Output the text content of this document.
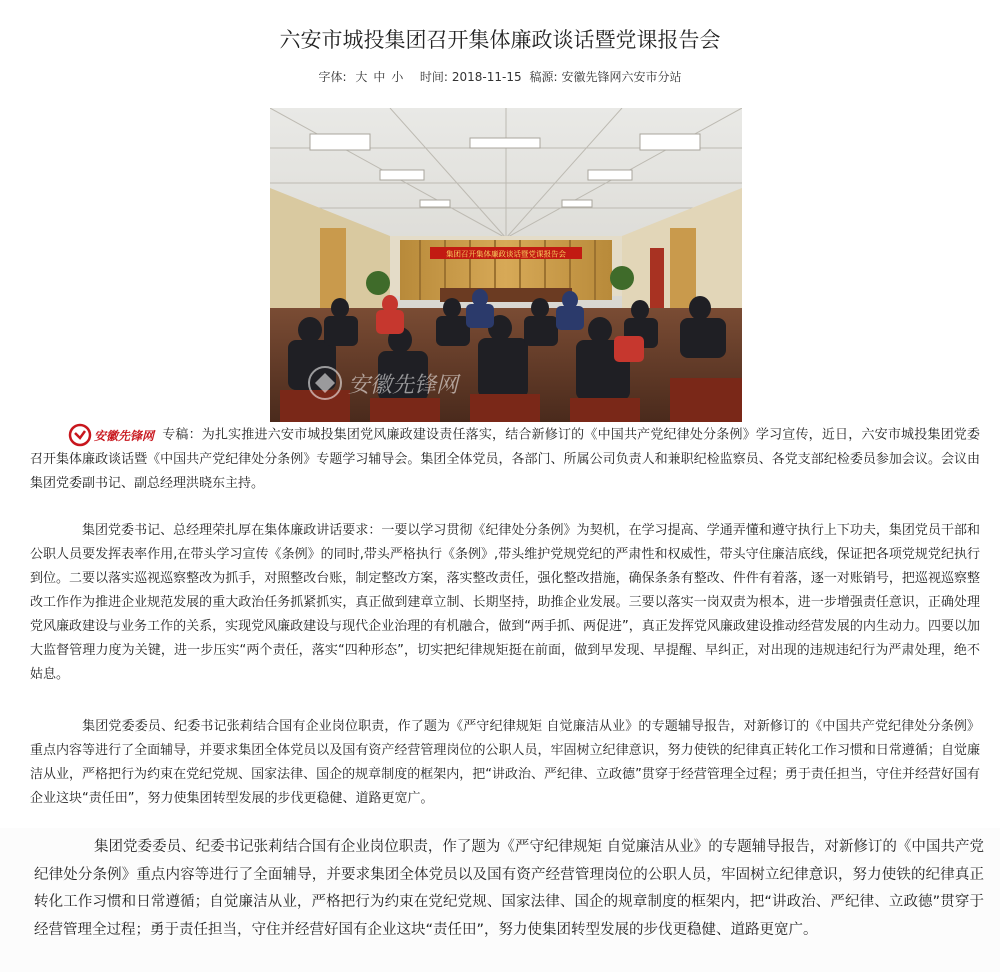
六安市城投集团召开集体廉政谈话暨党课报告会
字体: 大 中 小 时间: 2018-11-15 稿源: 安徽先锋网六安市分站
集团召开集体廉政谈话暨党课报告会
安徽先锋网
安徽先锋网 专稿：为扎实推进六安市城投集团党风廉政建设责任落实，结合新修订的《中国共产党纪律处分条例》学习宣传，近日，六安市城投集团党委召开集体廉政谈话暨《中国共产党纪律处分条例》专题学习辅导会。集团全体党员，各部门、所属公司负责人和兼职纪检监察员、各党支部纪检委员参加会议。会议由集团党委副书记、副总经理洪晓东主持。
集团党委书记、总经理荣扎厚在集体廉政讲话要求：一要以学习贯彻《纪律处分条例》为契机，在学习提高、学通弄懂和遵守执行上下功夫，集团党员干部和公职人员要发挥表率作用,在带头学习宣传《条例》的同时,带头严格执行《条例》,带头维护党规党纪的严肃性和权威性，带头守住廉洁底线，保证把各项党规党纪执行到位。二要以落实巡视巡察整改为抓手，对照整改台账，制定整改方案，落实整改责任，强化整改措施，确保条条有整改、件件有着落，逐一对账销号，把巡视巡察整改工作作为推进企业规范发展的重大政治任务抓紧抓实，真正做到建章立制、长期坚持，助推企业发展。三要以落实一岗双责为根本，进一步增强责任意识，正确处理党风廉政建设与业务工作的关系，实现党风廉政建设与现代企业治理的有机融合，做到“两手抓、两促进”，真正发挥党风廉政建设推动经营发展的内生动力。四要以加大监督管理力度为关键，进一步压实“两个责任，落实“四种形态”，切实把纪律规矩挺在前面，做到早发现、早提醒、早纠正，对出现的违规违纪行为严肃处理，绝不姑息。
集团党委委员、纪委书记张莉结合国有企业岗位职责，作了题为《严守纪律规矩 自觉廉洁从业》的专题辅导报告，对新修订的《中国共产党纪律处分条例》重点内容等进行了全面辅导，并要求集团全体党员以及国有资产经营管理岗位的公职人员，牢固树立纪律意识，努力使铁的纪律真正转化工作习惯和日常遵循；自觉廉洁从业，严格把行为约束在党纪党规、国家法律、国企的规章制度的框架内，把“讲政治、严纪律、立政德”贯穿于经营管理全过程；勇于责任担当，守住并经营好国有企业这块“责任田”，努力使集团转型发展的步伐更稳健、道路更宽广。
集团党委委员、纪委书记张莉结合国有企业岗位职责，作了题为《严守纪律规矩 自觉廉洁从业》的专题辅导报告，对新修订的《中国共产党纪律处分条例》重点内容等进行了全面辅导，并要求集团全体党员以及国有资产经营管理岗位的公职人员，牢固树立纪律意识，努力使铁的纪律真正转化工作习惯和日常遵循；自觉廉洁从业，严格把行为约束在党纪党规、国家法律、国企的规章制度的框架内，把“讲政治、严纪律、立政德”贯穿于经营管理全过程；勇于责任担当，守住并经营好国有企业这块“责任田”，努力使集团转型发展的步伐更稳健、道路更宽广。
